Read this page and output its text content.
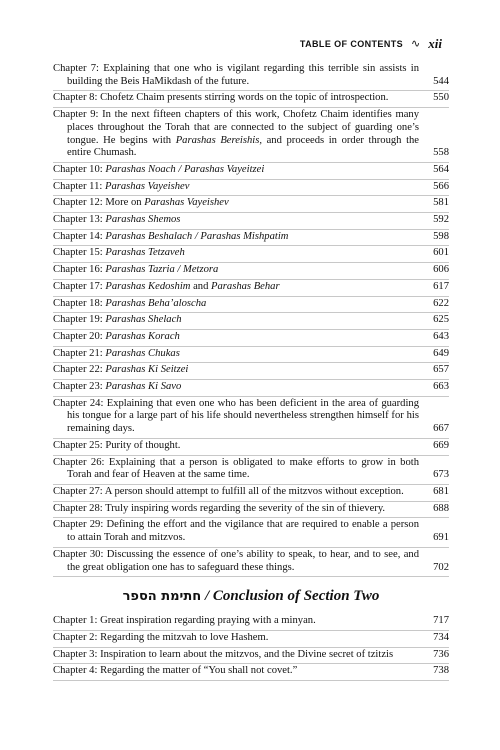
TABLE OF CONTENTS ∿ xii
Chapter 7: Explaining that one who is vigilant regarding this terrible sin assists in building the Beis HaMikdash of the future.	544
Chapter 8: Chofetz Chaim presents stirring words on the topic of introspection.	550
Chapter 9: In the next fifteen chapters of this work, Chofetz Chaim identifies many places throughout the Torah that are connected to the subject of guarding one’s tongue. He begins with Parashas Bereishis, and proceeds in order through the entire Chumash.	558
Chapter 10: Parashas Noach / Parashas Vayeitzei	564
Chapter 11: Parashas Vayeishev	566
Chapter 12: More on Parashas Vayeishev	581
Chapter 13: Parashas Shemos	592
Chapter 14: Parashas Beshalach / Parashas Mishpatim	598
Chapter 15: Parashas Tetzaveh	601
Chapter 16: Parashas Tazria / Metzora	606
Chapter 17: Parashas Kedoshim and Parashas Behar	617
Chapter 18: Parashas Beha’aloscha	622
Chapter 19: Parashas Shelach	625
Chapter 20: Parashas Korach	643
Chapter 21: Parashas Chukas	649
Chapter 22: Parashas Ki Seitzei	657
Chapter 23: Parashas Ki Savo	663
Chapter 24: Explaining that even one who has been deficient in the area of guarding his tongue for a large part of his life should nevertheless strengthen himself for his remaining days.	667
Chapter 25: Purity of thought.	669
Chapter 26: Explaining that a person is obligated to make efforts to grow in both Torah and fear of Heaven at the same time.	673
Chapter 27: A person should attempt to fulfill all of the mitzvos without exception.	681
Chapter 28: Truly inspiring words regarding the severity of the sin of thievery.	688
Chapter 29: Defining the effort and the vigilance that are required to enable a person to attain Torah and mitzvos.	691
Chapter 30: Discussing the essence of one’s ability to speak, to hear, and to see, and the great obligation one has to safeguard these things.	702
חתימת הספר / Conclusion of Section Two
Chapter 1: Great inspiration regarding praying with a minyan.	717
Chapter 2: Regarding the mitzvah to love Hashem.	734
Chapter 3: Inspiration to learn about the mitzvos, and the Divine secret of tzitzis	736
Chapter 4: Regarding the matter of “You shall not covet.”	738
